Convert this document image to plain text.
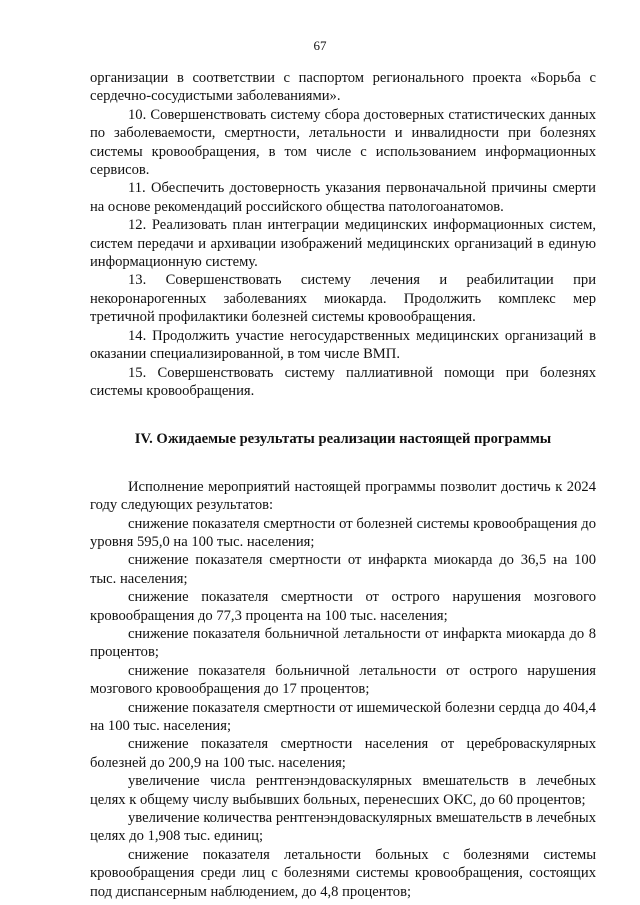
67

организации в соответствии с паспортом регионального проекта «Борьба с сердечно-сосудистыми заболеваниями».

10. Совершенствовать систему сбора достоверных статистических данных по заболеваемости, смертности, летальности и инвалидности при болезнях системы кровообращения, в том числе с использованием информационных сервисов.

11. Обеспечить достоверность указания первоначальной причины смерти на основе рекомендаций российского общества патологоанатомов.

12. Реализовать план интеграции медицинских информационных систем, систем передачи и архивации изображений медицинских организаций в единую информационную систему.

13. Совершенствовать систему лечения и реабилитации при некоронарогенных заболеваниях миокарда. Продолжить комплекс мер третичной профилактики болезней системы кровообращения.

14. Продолжить участие негосударственных медицинских организаций в оказании специализированной, в том числе ВМП.

15. Совершенствовать систему паллиативной помощи при болезнях системы кровообращения.

IV. Ожидаемые результаты реализации настоящей программы

Исполнение мероприятий настоящей программы позволит достичь к 2024 году следующих результатов:

снижение показателя смертности от болезней системы кровообращения до уровня 595,0 на 100 тыс. населения;

снижение показателя смертности от инфаркта миокарда до 36,5 на 100 тыс. населения;

снижение показателя смертности от острого нарушения мозгового кровообращения до 77,3 процента на 100 тыс. населения;

снижение показателя больничной летальности от инфаркта миокарда до 8 процентов;

снижение показателя больничной летальности от острого нарушения мозгового кровообращения до 17 процентов;

снижение показателя смертности от ишемической болезни сердца до 404,4 на 100 тыс. населения;

снижение показателя смертности населения от цереброваскулярных болезней до 200,9 на 100 тыс. населения;

увеличение числа рентгенэндоваскулярных вмешательств в лечебных целях к общему числу выбывших больных, перенесших ОКС, до 60 процентов;

увеличение количества рентгенэндоваскулярных вмешательств в лечебных целях до 1,908 тыс. единиц;

снижение показателя летальности больных с болезнями системы кровообращения среди лиц с болезнями системы кровообращения, состоящих под диспансерным наблюдением, до 4,8 процентов;
